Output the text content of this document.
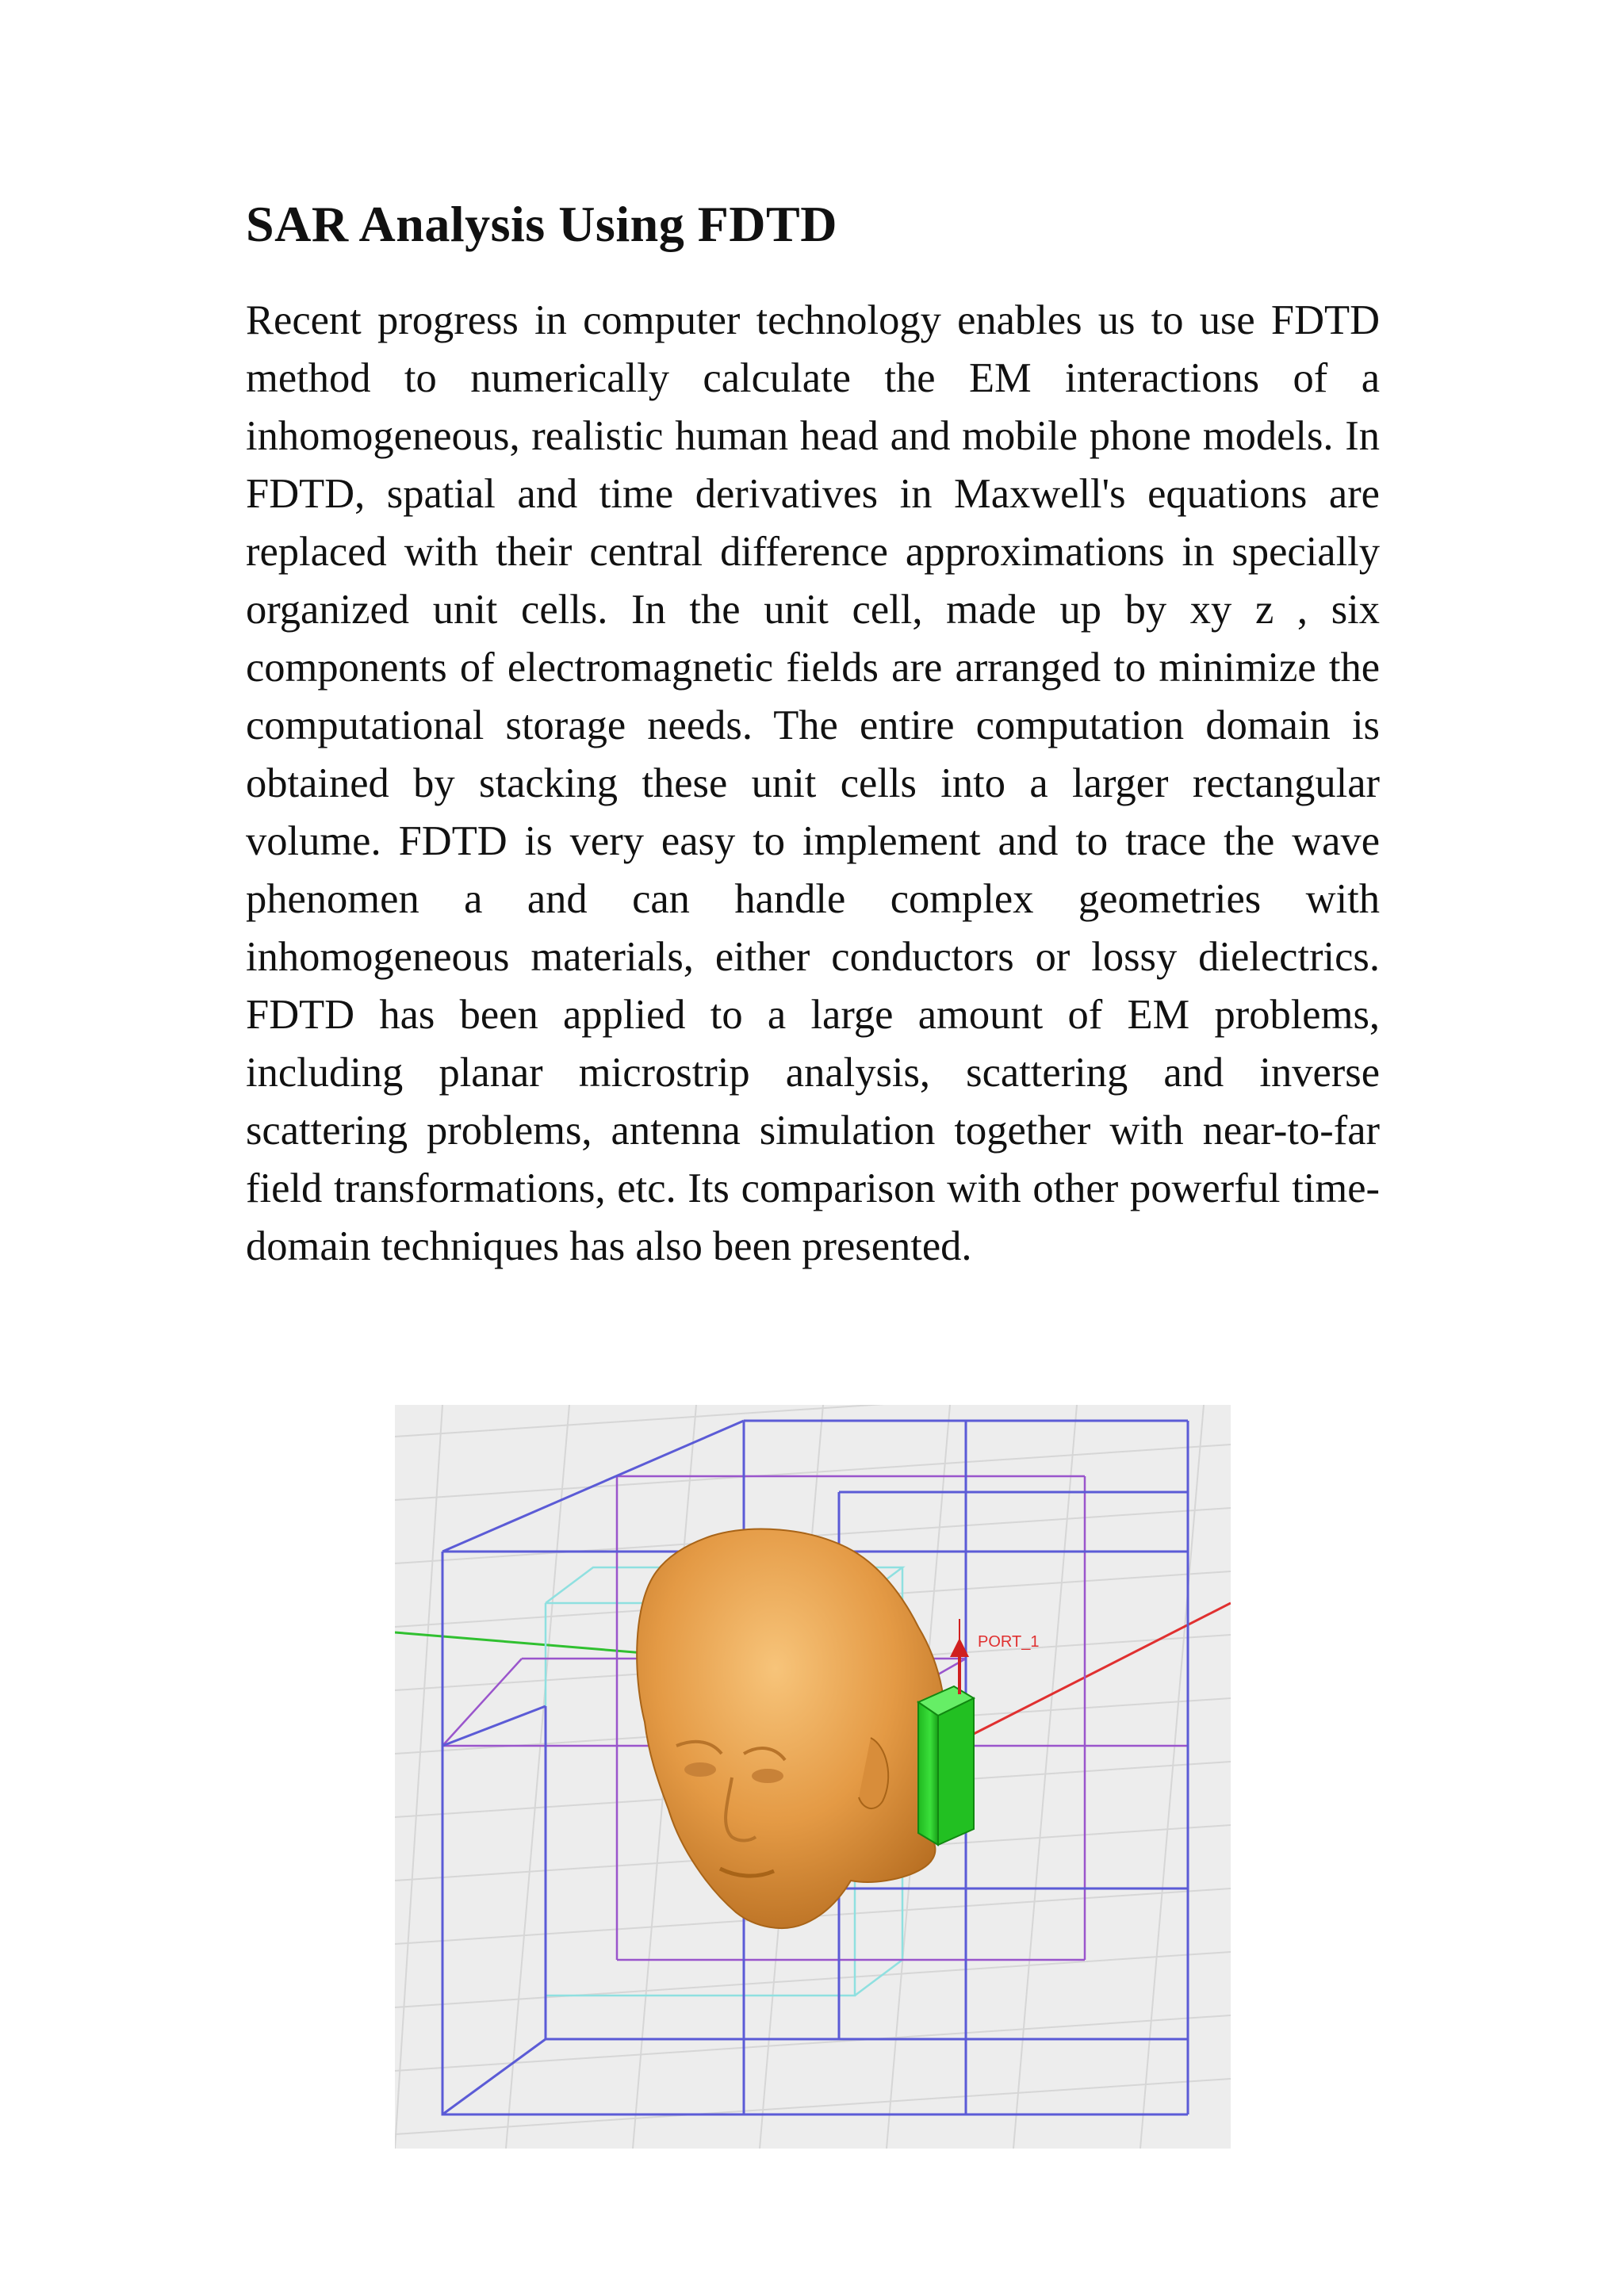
SAR Analysis Using FDTD

Recent progress in computer technology enables us to use FDTD method to numerically calculate the EM interactions of a inhomogeneous, realistic human head and mobile phone models. In FDTD, spatial and time derivatives in Maxwell's equations are replaced with their central difference approximations in specially organized unit cells. In the unit cell, made up by xy z , six components of electromagnetic fields are arranged to minimize the computational storage needs. The entire computation domain is obtained by stacking these unit cells into a larger rectangular volume. FDTD is very easy to implement and to trace the wave phenomen a and can handle complex geometries with inhomogeneous materials, either conductors or lossy dielectrics. FDTD has been applied to a large amount of EM problems, including planar microstrip analysis, scattering and inverse scattering problems, antenna simulation together with near-to-far field transformations, etc. Its comparison with other powerful time-domain techniques has also been presented.

PORT_1
